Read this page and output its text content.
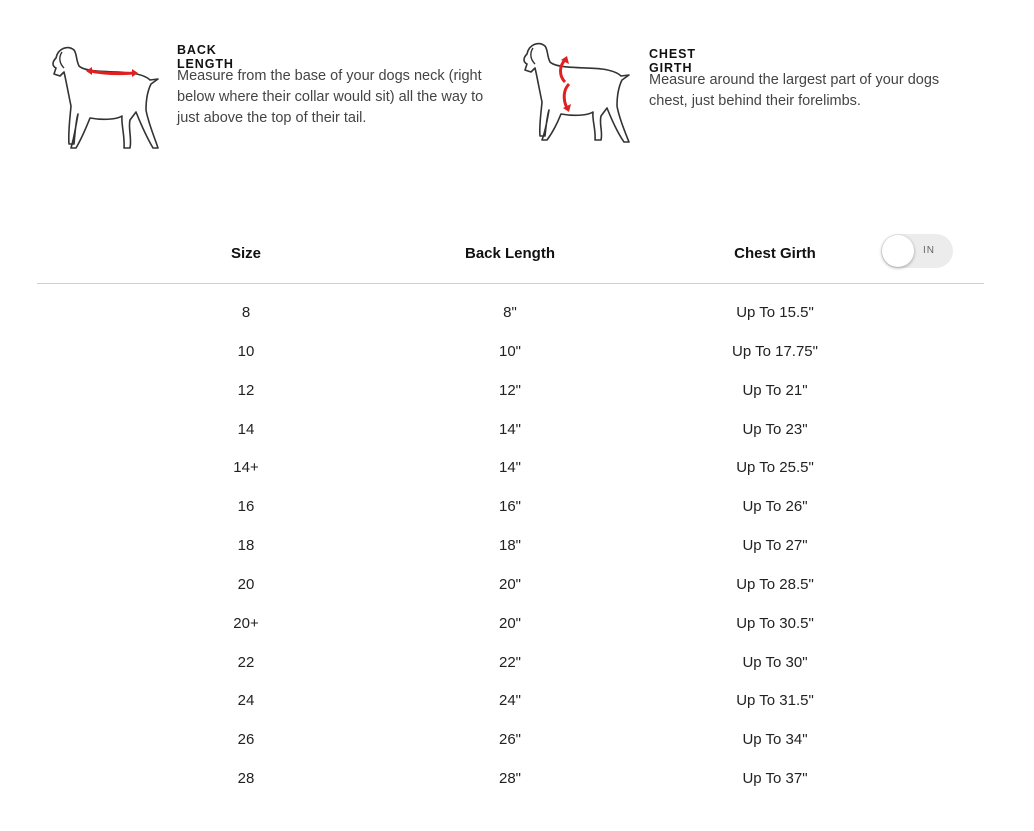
BACK LENGTH
Measure from the base of your dogs neck (right below where their collar would sit) all the way to just above the top of their tail.
CHEST GIRTH
Measure around the largest part of your dogs chest, just behind their forelimbs.
Size	Back Length	Chest Girth	IN
8	8"	Up To 15.5"
10	10"	Up To 17.75"
12	12"	Up To 21"
14	14"	Up To 23"
14+	14"	Up To 25.5"
16	16"	Up To 26"
18	18"	Up To 27"
20	20"	Up To 28.5"
20+	20"	Up To 30.5"
22	22"	Up To 30"
24	24"	Up To 31.5"
26	26"	Up To 34"
28	28"	Up To 37"
